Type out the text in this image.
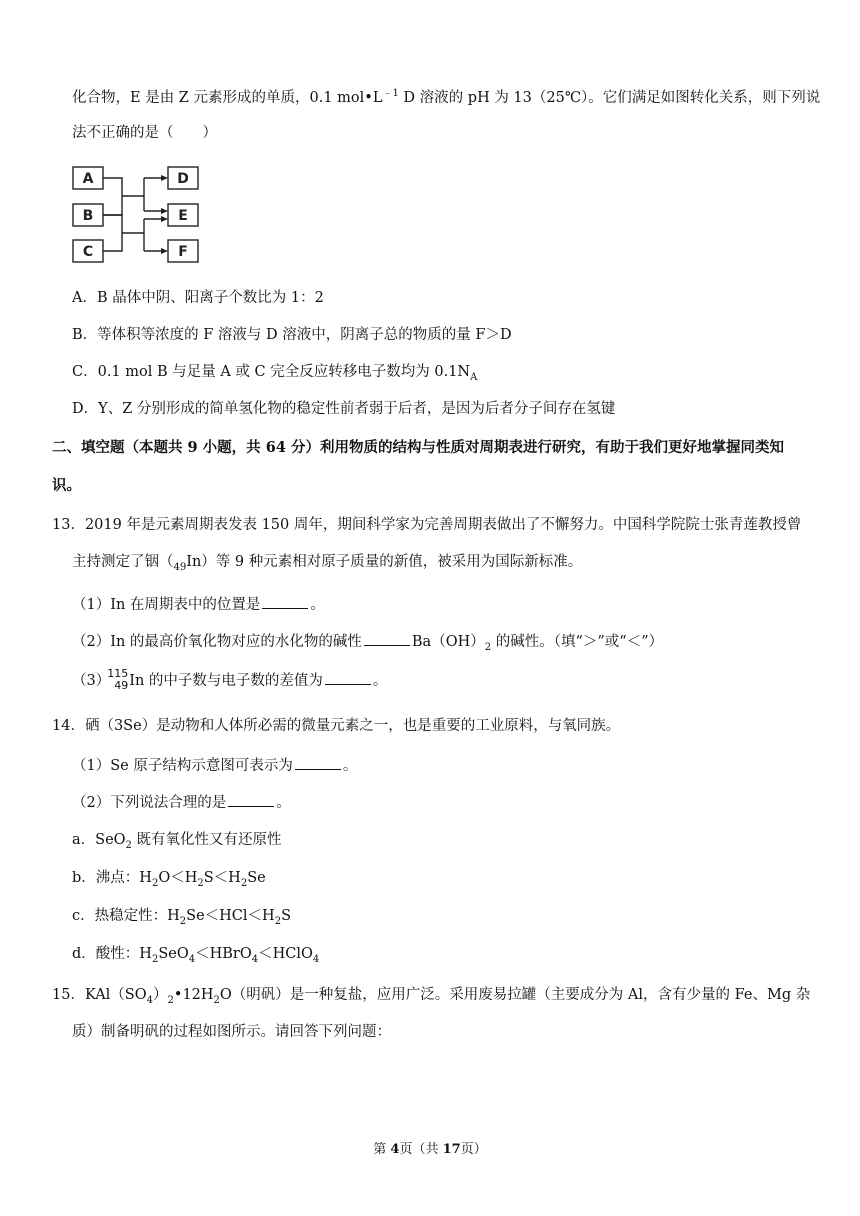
化合物，E 是由 Z 元素形成的单质，0.1 $mol•L^{﹣1}$ D 溶液的 pH 为 13（25℃）。它们满足如图转化关系，则下列说
法不正确的是（　　）
A
B
C
D
E
F
A．B 晶体中阴、阳离子个数比为 1：2
B．等体积等浓度的 F 溶液与 D 溶液中，阴离子总的物质的量 F＞D
C．0.1 mol B 与足量 A 或 C 完全反应转移电子数均为 $0.1N_A$
D．Y、Z 分别形成的简单氢化物的稳定性前者弱于后者，是因为后者分子间存在氢键
二、填空题（本题共 9 小题，共 64 分）利用物质的结构与性质对周期表进行研究，有助于我们更好地掌握同类知
识。
13．2019 年是元素周期表发表 150 周年，期间科学家为完善周期表做出了不懈努力。中国科学院院士张青莲教授曾
主持测定了铟$(_{49}In)$等 9 种元素相对原子质量的新值，被采用为国际新标准。
（1）In 在周期表中的位置是	。
（2）In 的最高价氧化物对应的水化物的碱性	$Ba(OH)_2$ 的碱性。（填“＞”或“＜”）
（3）
115
49 In 的中子数与电子数的差值为	。
14．硒（3Se）是动物和人体所必需的微量元素之一，也是重要的工业原料，与氧同族。
（1）Se 原子结构示意图可表示为	。
（2）下列说法合理的是	。
a．SeO$_2$ 既有氧化性又有还原性
b．沸点：$H_2O<H_2S<H_2Se$
c．热稳定性：$H_2Se<HCl<H_2S$
d．酸性：$H_2SeO_4<HBrO_4<HClO_4$
15．$KAl(SO_4)_2•12H_2O$（明矾）是一种复盐，应用广泛。采用废易拉罐（主要成分为 Al，含有少量的 Fe、Mg 杂
质）制备明矾的过程如图所示。请回答下列问题：
第 4页（共 17页）
